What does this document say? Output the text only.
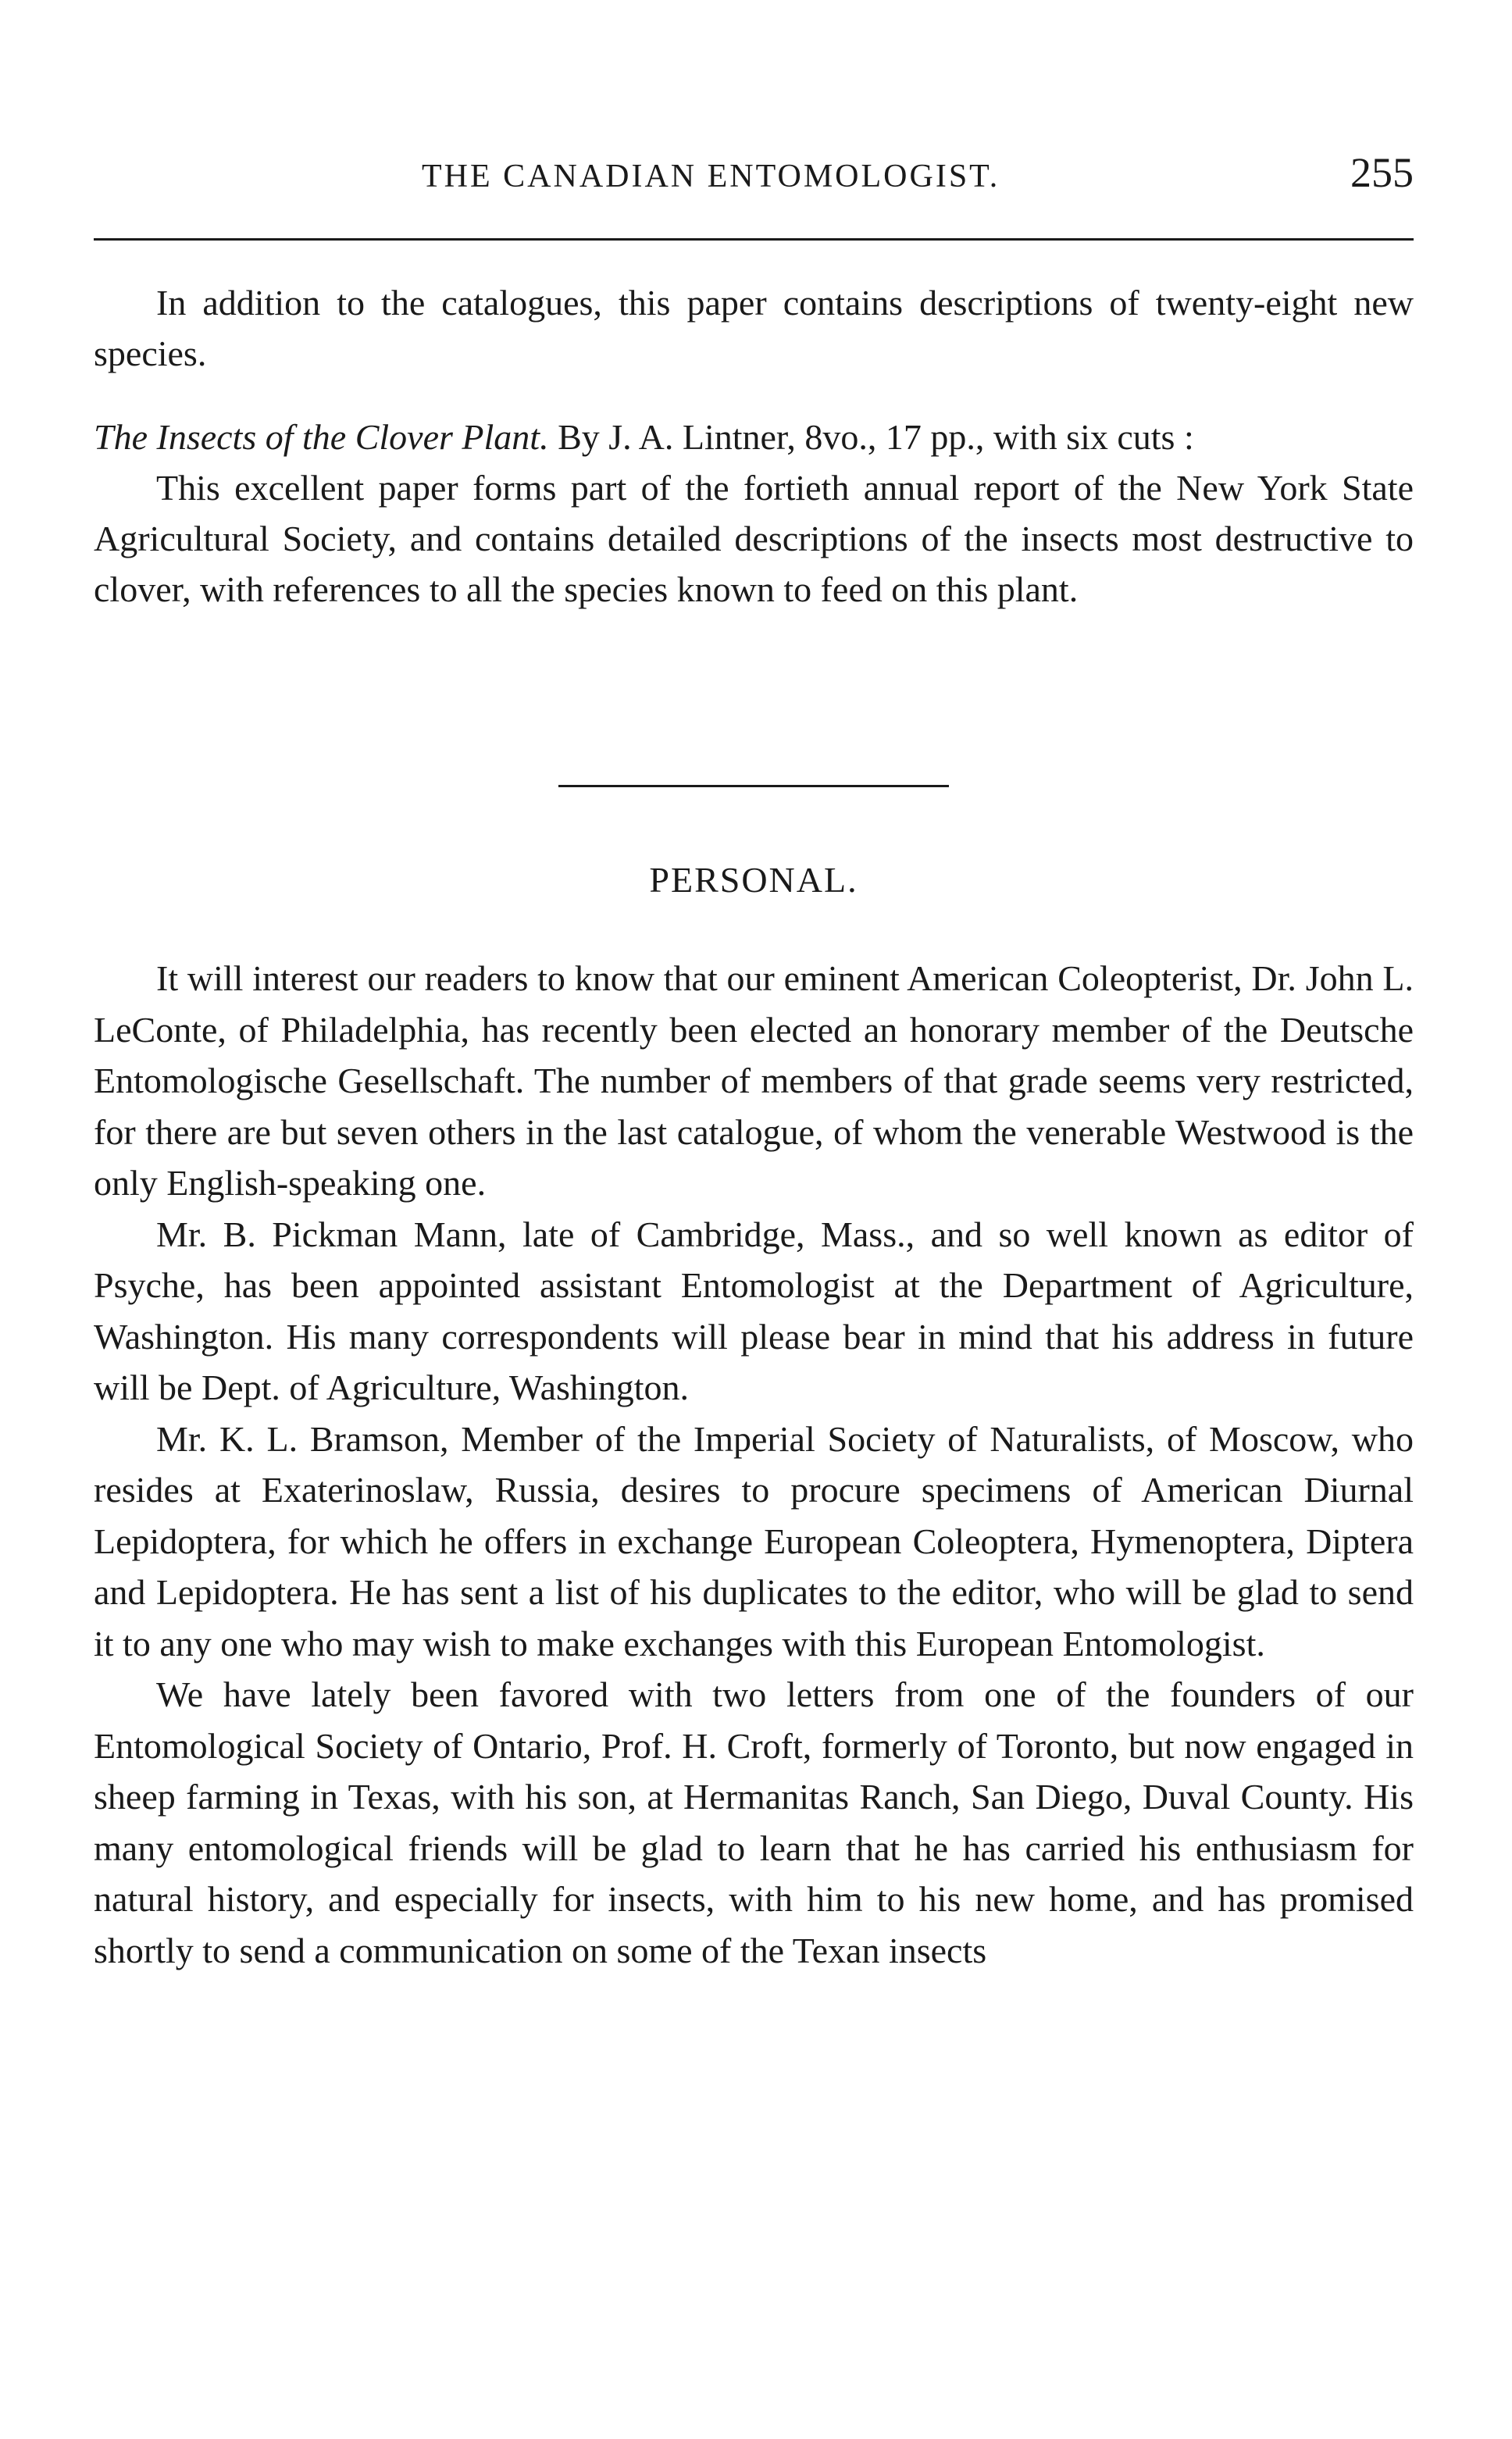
THE CANADIAN ENTOMOLOGIST.	255

In addition to the catalogues, this paper contains descriptions of twenty-eight new species.

The Insects of the Clover Plant. By J. A. Lintner, 8vo., 17 pp., with six cuts :

This excellent paper forms part of the fortieth annual report of the New York State Agricultural Society, and contains detailed descriptions of the insects most destructive to clover, with references to all the species known to feed on this plant.

PERSONAL.

It will interest our readers to know that our eminent American Coleopterist, Dr. John L. LeConte, of Philadelphia, has recently been elected an honorary member of the Deutsche Entomologische Gesellschaft. The number of members of that grade seems very restricted, for there are but seven others in the last catalogue, of whom the venerable Westwood is the only English-speaking one.

Mr. B. Pickman Mann, late of Cambridge, Mass., and so well known as editor of Psyche, has been appointed assistant Entomologist at the Department of Agriculture, Washington. His many correspondents will please bear in mind that his address in future will be Dept. of Agriculture, Washington.

Mr. K. L. Bramson, Member of the Imperial Society of Naturalists, of Moscow, who resides at Exaterinoslaw, Russia, desires to procure specimens of American Diurnal Lepidoptera, for which he offers in exchange European Coleoptera, Hymenoptera, Diptera and Lepidoptera. He has sent a list of his duplicates to the editor, who will be glad to send it to any one who may wish to make exchanges with this European Entomologist.

We have lately been favored with two letters from one of the founders of our Entomological Society of Ontario, Prof. H. Croft, formerly of Toronto, but now engaged in sheep farming in Texas, with his son, at Hermanitas Ranch, San Diego, Duval County. His many entomological friends will be glad to learn that he has carried his enthusiasm for natural history, and especially for insects, with him to his new home, and has promised shortly to send a communication on some of the Texan insects
